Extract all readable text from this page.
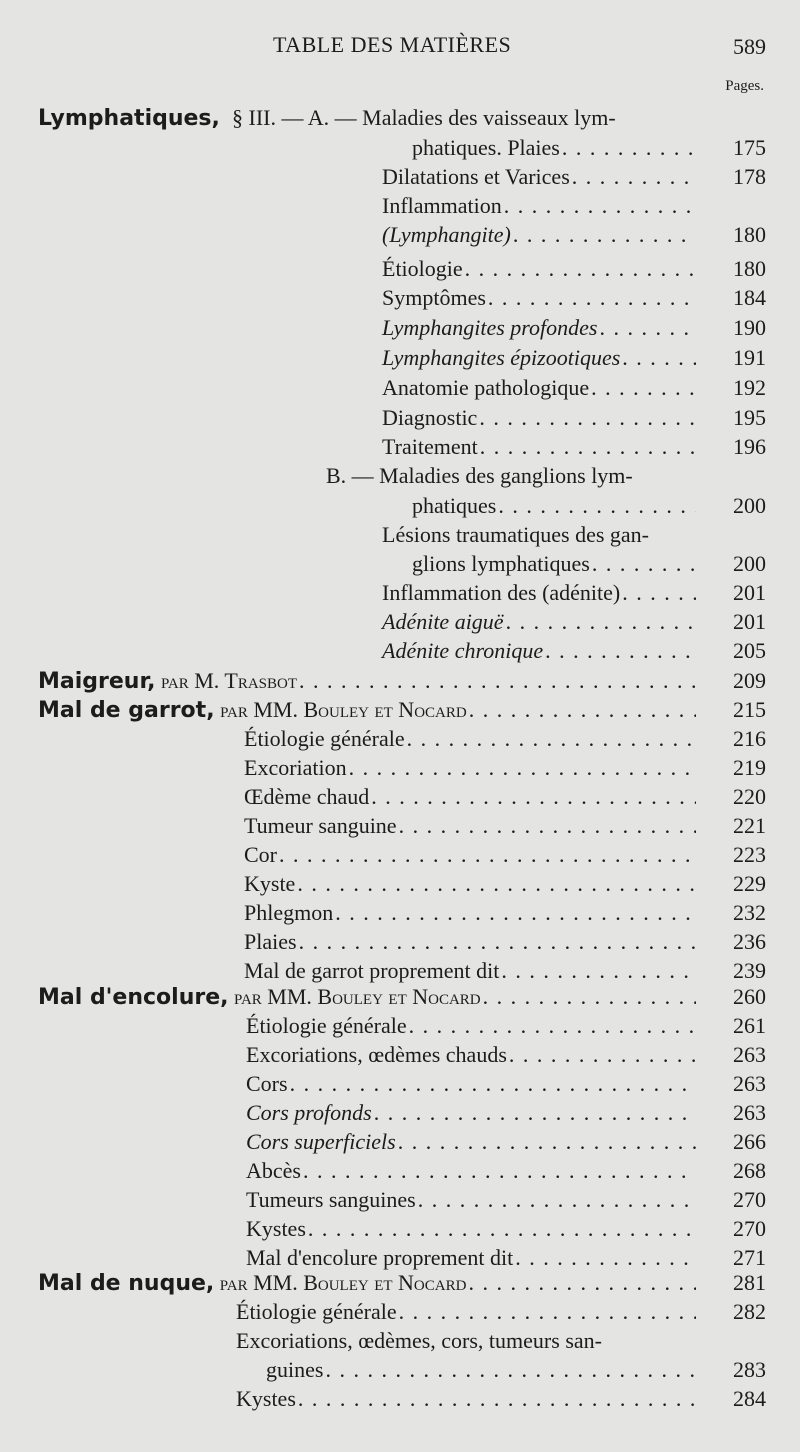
TABLE DES MATIÈRES	589
Pages.
Lymphatiques, § III. — A. — Maladies des vaisseaux lym-
phatiques. Plaies . . .	175
Dilatations et Varices . . .	178
Inflammation
. . .
(Lymphangite) . . .	180
Étiologie . . .	180
Symptômes . . .	184
Lymphangites profondes . . .	190
Lymphangites épizootiques . . .	191
Anatomie pathologique . . .	192
Diagnostic . . .	195
Traitement . . .	196
B. — Maladies des ganglions lym-
phatiques . . .	200
Lésions traumatiques des gan-
glions lymphatiques . . .	200
Inflammation des (adénite) . . .	201
Adénite aiguë . . .	201
Adénite chronique . . .	205
Maigreur, par M. Trasbot . . .	209
Mal de garrot, par MM. Bouley et Nocard . . .	215
Étiologie générale . . .	216
Excoriation . . .	219
Œdème chaud . . .	220
Tumeur sanguine . . .	221
Cor . . .	223
Kyste . . .	229
Phlegmon . . .	232
Plaies . . .	236
Mal de garrot proprement dit . . .	239
Mal d'encolure, par MM. Bouley et Nocard . . .	260
Étiologie générale . . .	261
Excoriations, œdèmes chauds . . .	263
Cors . . .	263
Cors profonds . . .	263
Cors superficiels . . .	266
Abcès . . .	268
Tumeurs sanguines . . .	270
Kystes . . .	270
Mal d'encolure proprement dit . . .	271
Mal de nuque, par MM. Bouley et Nocard . . .	281
Étiologie générale . . .	282
Excoriations, œdèmes, cors, tumeurs san-
guines . . .	283
Kystes . . .	284
